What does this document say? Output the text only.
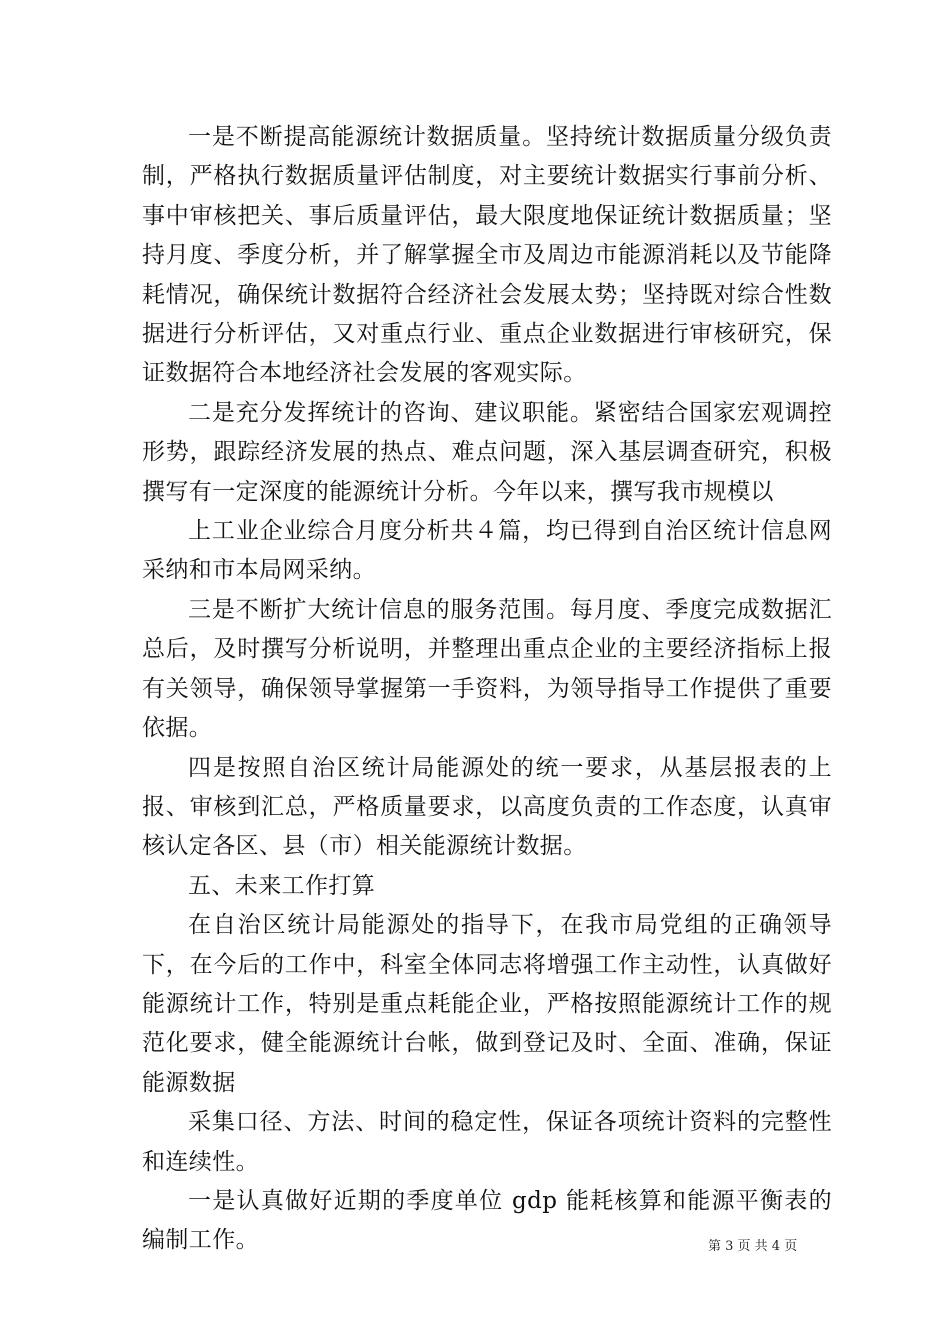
一是不断提高能源统计数据质量。坚持统计数据质量分级负责制，严格执行数据质量评估制度，对主要统计数据实行事前分析、事中审核把关、事后质量评估，最大限度地保证统计数据质量；坚持月度、季度分析，并了解掌握全市及周边市能源消耗以及节能降耗情况，确保统计数据符合经济社会发展太势；坚持既对综合性数据进行分析评估，又对重点行业、重点企业数据进行审核研究，保证数据符合本地经济社会发展的客观实际。

二是充分发挥统计的咨询、建议职能。紧密结合国家宏观调控形势，跟踪经济发展的热点、难点问题，深入基层调查研究，积极撰写有一定深度的能源统计分析。今年以来，撰写我市规模以

上工业企业综合月度分析共４篇，均已得到自治区统计信息网采纳和市本局网采纳。

三是不断扩大统计信息的服务范围。每月度、季度完成数据汇总后，及时撰写分析说明，并整理出重点企业的主要经济指标上报有关领导，确保领导掌握第一手资料，为领导指导工作提供了重要依据。

四是按照自治区统计局能源处的统一要求，从基层报表的上报、审核到汇总，严格质量要求，以高度负责的工作态度，认真审核认定各区、县（市）相关能源统计数据。

五、未来工作打算

在自治区统计局能源处的指导下，在我市局党组的正确领导下，在今后的工作中，科室全体同志将增强工作主动性，认真做好能源统计工作，特别是重点耗能企业，严格按照能源统计工作的规范化要求，健全能源统计台帐，做到登记及时、全面、准确，保证能源数据

采集口径、方法、时间的稳定性，保证各项统计资料的完整性和连续性。

一是认真做好近期的季度单位 gdp 能耗核算和能源平衡表的编制工作。	第 3 页 共 4 页
